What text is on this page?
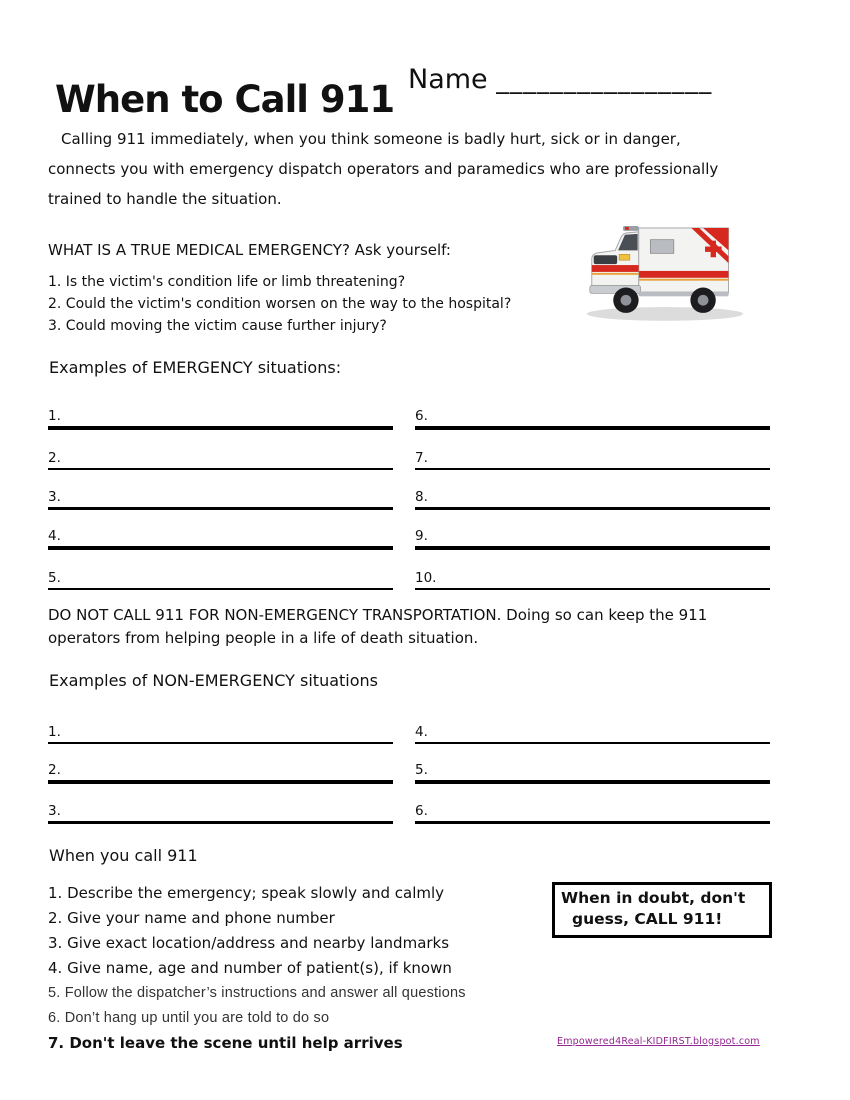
When to Call 911 Name ________________

Calling 911 immediately, when you think someone is badly hurt, sick or in danger, connects you with emergency dispatch operators and paramedics who are professionally trained to handle the situation.

WHAT IS A TRUE MEDICAL EMERGENCY? Ask yourself:

1. Is the victim's condition life or limb threatening?

2. Could the victim's condition worsen on the way to the hospital?

3. Could moving the victim cause further injury?

Examples of EMERGENCY situations:
1.
2.
3.
4.
5.
6.
7.
8.
9.
10.

DO NOT CALL 911 FOR NON-EMERGENCY TRANSPORTATION. Doing so can keep the 911 operators from helping people in a life of death situation.

Examples of NON-EMERGENCY situations
1.
2.
3.
4.
5.
6.
When you call 911

1. Describe the emergency; speak slowly and calmly

2. Give your name and phone number

3. Give exact location/address and nearby landmarks

4. Give name, age and number of patient(s), if known

5. Follow the dispatcher’s instructions and answer all questions

6. Don’t hang up until you are told to do so

7. Don't leave the scene until help arrives

When in doubt, don't
guess, CALL 911!
Empowered4Real-KIDFIRST.blogspot.com
